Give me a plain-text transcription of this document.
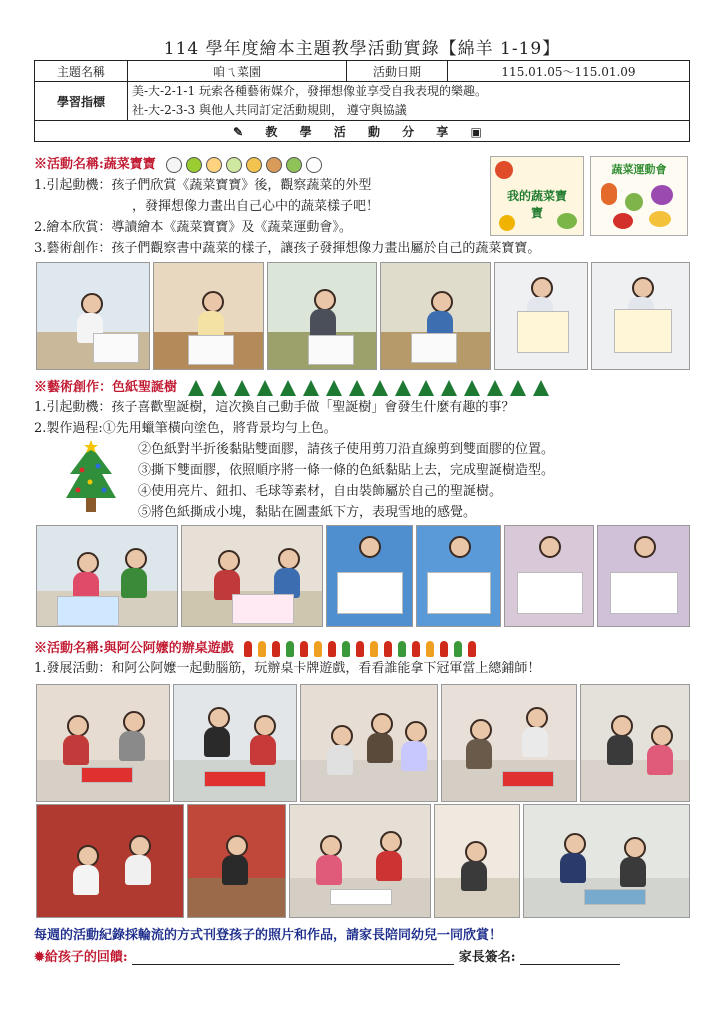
114 學年度繪本主題教學活動實錄【綿羊 1-19】
主題名稱	咱ㄟ菜園	活動日期	115.01.05～115.01.09
學習指標	美-大-2-1-1 玩索各種藝術媒介，發揮想像並享受自我表現的樂趣。
社-大-2-3-3 與他人共同訂定活動規則， 遵守與協議		

✎ 教 學 活 動 分 享 ▣			
※活動名稱:蔬菜寶寶
1.引起動機：孩子們欣賞《蔬菜寶寶》後，觀察蔬菜的外型
，發揮想像力畫出自己心中的蔬菜樣子吧！
2.繪本欣賞：導讀繪本《蔬菜寶寶》及《蔬菜運動會》。
3.藝術創作：孩子們觀察書中蔬菜的樣子，讓孩子發揮想像力畫出屬於自己的蔬菜寶寶。
我的蔬菜寶寶
蔬菜運動會
※藝術創作：色紙聖誕樹
1.引起動機：孩子喜歡聖誕樹，這次換自己動手做「聖誕樹」會發生什麼有趣的事？
2.製作過程:①先用蠟筆橫向塗色，將背景均勻上色。
②色紙對半折後黏貼雙面膠，請孩子使用剪刀沿直線剪到雙面膠的位置。
③撕下雙面膠，依照順序將一條一條的色紙黏貼上去，完成聖誕樹造型。
④使用亮片、鈕扣、毛球等素材，自由裝飾屬於自己的聖誕樹。
⑤將色紙撕成小塊，黏貼在圖畫紙下方，表現雪地的感覺。
※活動名稱:與阿公阿嬤的辦桌遊戲
1.發展活動：和阿公阿嬤一起動腦筋，玩辦桌卡牌遊戲，看看誰能拿下冠軍當上總鋪師！
每週的活動紀錄採輪流的方式刊登孩子的照片和作品，請家長陪同幼兒一同欣賞！
✹給孩子的回饋:	家長簽名:
